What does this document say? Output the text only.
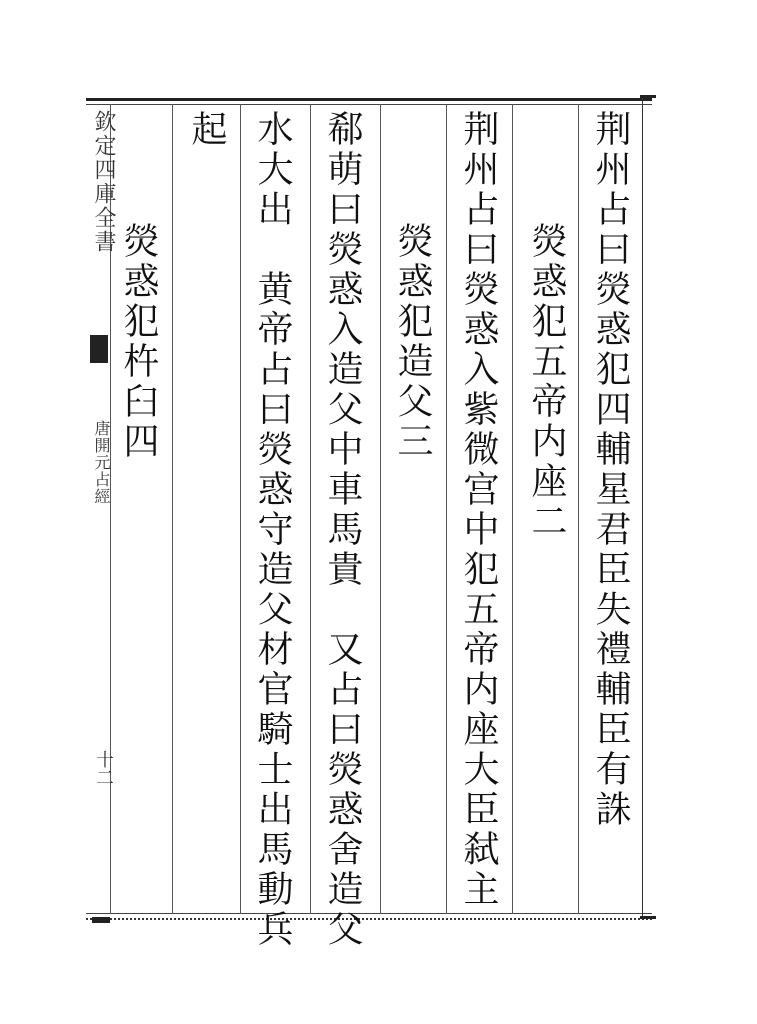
欽定四庫全書
唐開元占經
十二	荆州占曰熒惑犯四輔星君臣失禮輔臣有誅
熒惑犯五帝内座二
荆州占曰熒惑入紫微宫中犯五帝内座大臣弑主
熒惑犯造父三
郗萌曰熒惑入造父中車馬貴　又占曰熒惑舍造父
水大出　黄帝占曰熒惑守造父材官騎士出馬動兵
起
熒惑犯杵臼四
